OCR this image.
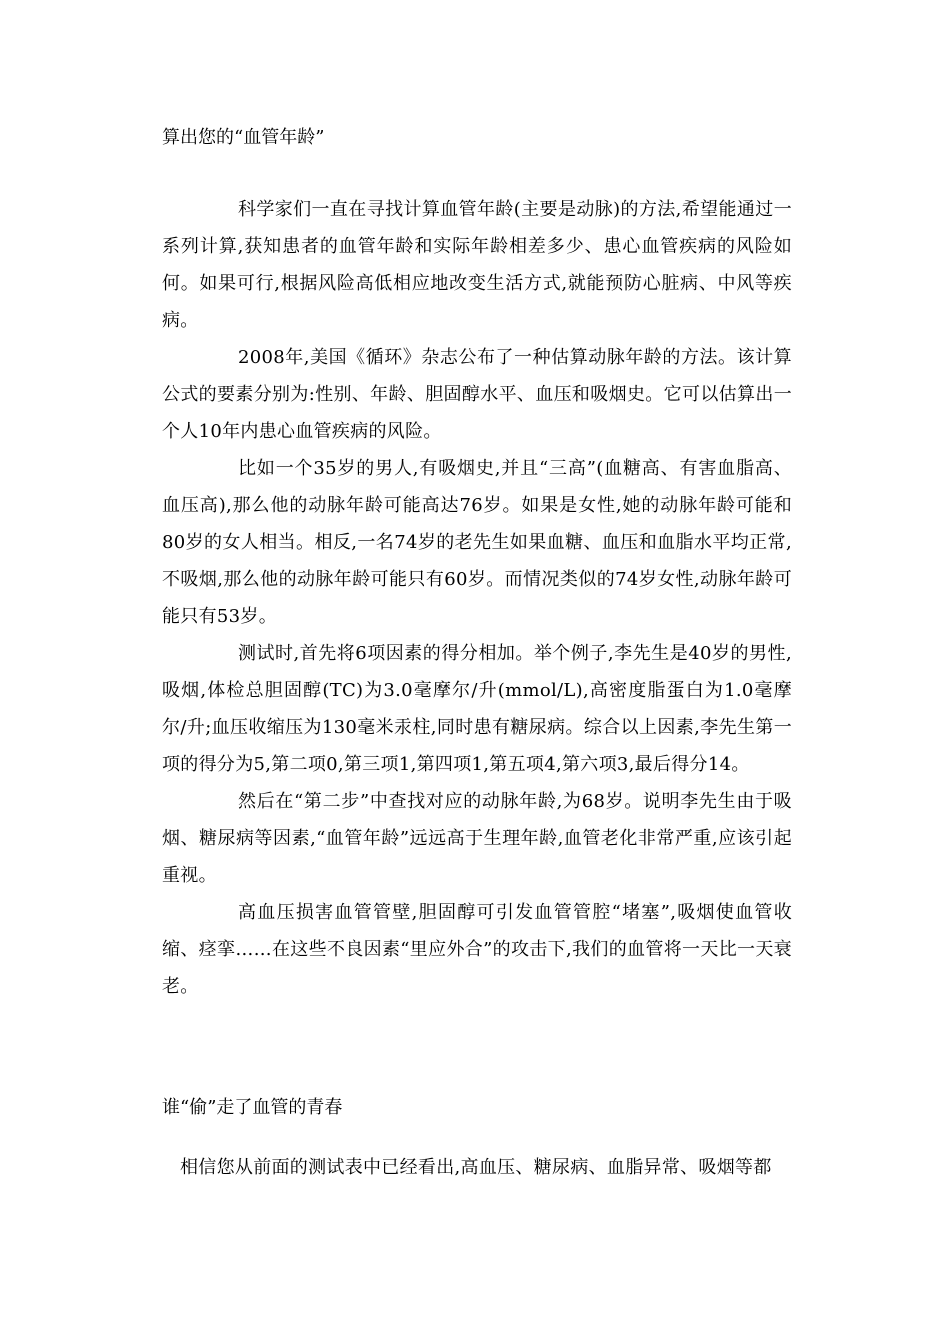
算出您的“血管年龄”

科学家们一直在寻找计算血管年龄(主要是动脉)的方法,希望能通过一系列计算,获知患者的血管年龄和实际年龄相差多少、患心血管疾病的风险如何。如果可行,根据风险高低相应地改变生活方式,就能预防心脏病、中风等疾病。

2008年,美国《循环》杂志公布了一种估算动脉年龄的方法。该计算公式的要素分别为:性别、年龄、胆固醇水平、血压和吸烟史。它可以估算出一个人10年内患心血管疾病的风险。

比如一个35岁的男人,有吸烟史,并且“三高”(血糖高、有害血脂高、血压高),那么他的动脉年龄可能高达76岁。如果是女性,她的动脉年龄可能和80岁的女人相当。相反,一名74岁的老先生如果血糖、血压和血脂水平均正常,不吸烟,那么他的动脉年龄可能只有60岁。而情况类似的74岁女性,动脉年龄可能只有53岁。

测试时,首先将6项因素的得分相加。举个例子,李先生是40岁的男性,吸烟,体检总胆固醇(TC)为3.0毫摩尔/升(mmol/L),高密度脂蛋白为1.0毫摩尔/升;血压收缩压为130毫米汞柱,同时患有糖尿病。综合以上因素,李先生第一项的得分为5,第二项0,第三项1,第四项1,第五项4,第六项3,最后得分14。

然后在“第二步”中查找对应的动脉年龄,为68岁。说明李先生由于吸烟、糖尿病等因素,“血管年龄”远远高于生理年龄,血管老化非常严重,应该引起重视。

高血压损害血管管壁,胆固醇可引发血管管腔“堵塞”,吸烟使血管收缩、痉挛……在这些不良因素“里应外合”的攻击下,我们的血管将一天比一天衰老。

谁“偷”走了血管的青春

相信您从前面的测试表中已经看出,高血压、糖尿病、血脂异常、吸烟等都
